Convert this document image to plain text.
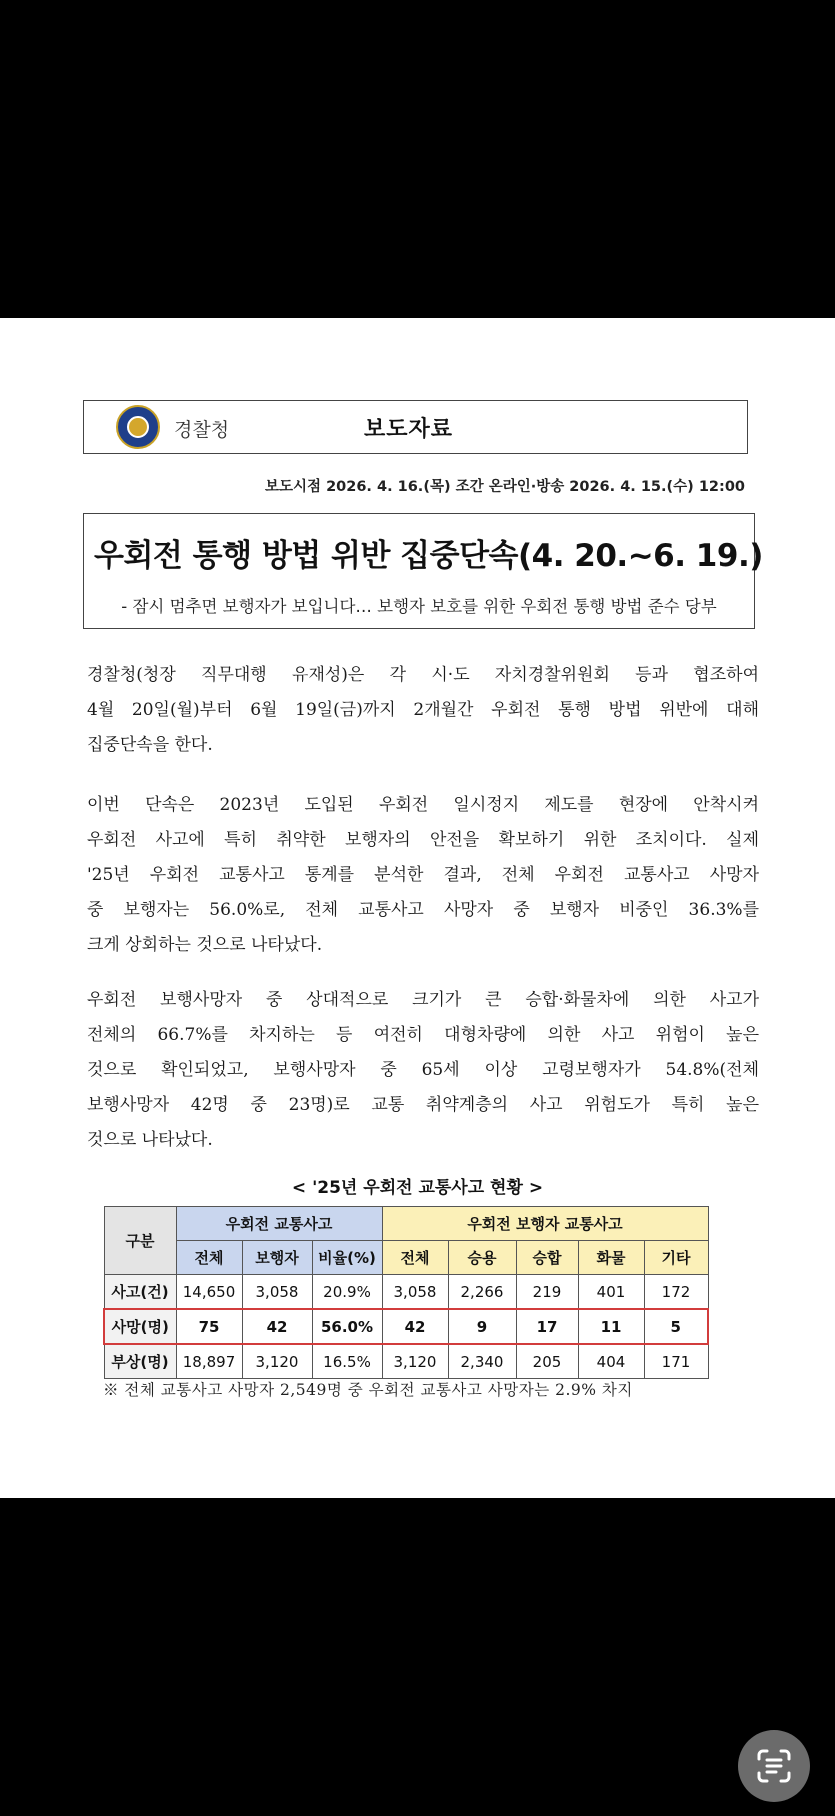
경찰청	보도자료
보도시점 2026. 4. 16.(목) 조간 온라인·방송 2026. 4. 15.(수) 12:00
우회전 통행 방법 위반 집중단속(4. 20.~6. 19.)
- 잠시 멈추면 보행자가 보입니다… 보행자 보호를 위한 우회전 통행 방법 준수 당부
경찰청(청장 직무대행 유재성)은 각 시·도 자치경찰위원회 등과 협조하여
4월 20일(월)부터 6월 19일(금)까지 2개월간 우회전 통행 방법 위반에 대해
집중단속을 한다.
이번 단속은 2023년 도입된 우회전 일시정지 제도를 현장에 안착시켜
우회전 사고에 특히 취약한 보행자의 안전을 확보하기 위한 조치이다. 실제
'25년 우회전 교통사고 통계를 분석한 결과, 전체 우회전 교통사고 사망자
중 보행자는 56.0%로, 전체 교통사고 사망자 중 보행자 비중인 36.3%를
크게 상회하는 것으로 나타났다.
우회전 보행사망자 중 상대적으로 크기가 큰 승합·화물차에 의한 사고가
전체의 66.7%를 차지하는 등 여전히 대형차량에 의한 사고 위험이 높은
것으로 확인되었고, 보행사망자 중 65세 이상 고령보행자가 54.8%(전체
보행사망자 42명 중 23명)로 교통 취약계층의 사고 위험도가 특히 높은
것으로 나타났다.
< '25년 우회전 교통사고 현황 >
구분	우회전 교통사고			우회전 보행자 교통사고				
	전체	보행자	비율(%)	전체	승용	승합	화물	기타
사고(건)	14,650	3,058	20.9%	3,058	2,266	219	401	172
사망(명)	75	42	56.0%	42	9	17	11	5
부상(명)	18,897	3,120	16.5%	3,120	2,340	205	404	171
※ 전체 교통사고 사망자 2,549명 중 우회전 교통사고 사망자는 2.9% 차지
